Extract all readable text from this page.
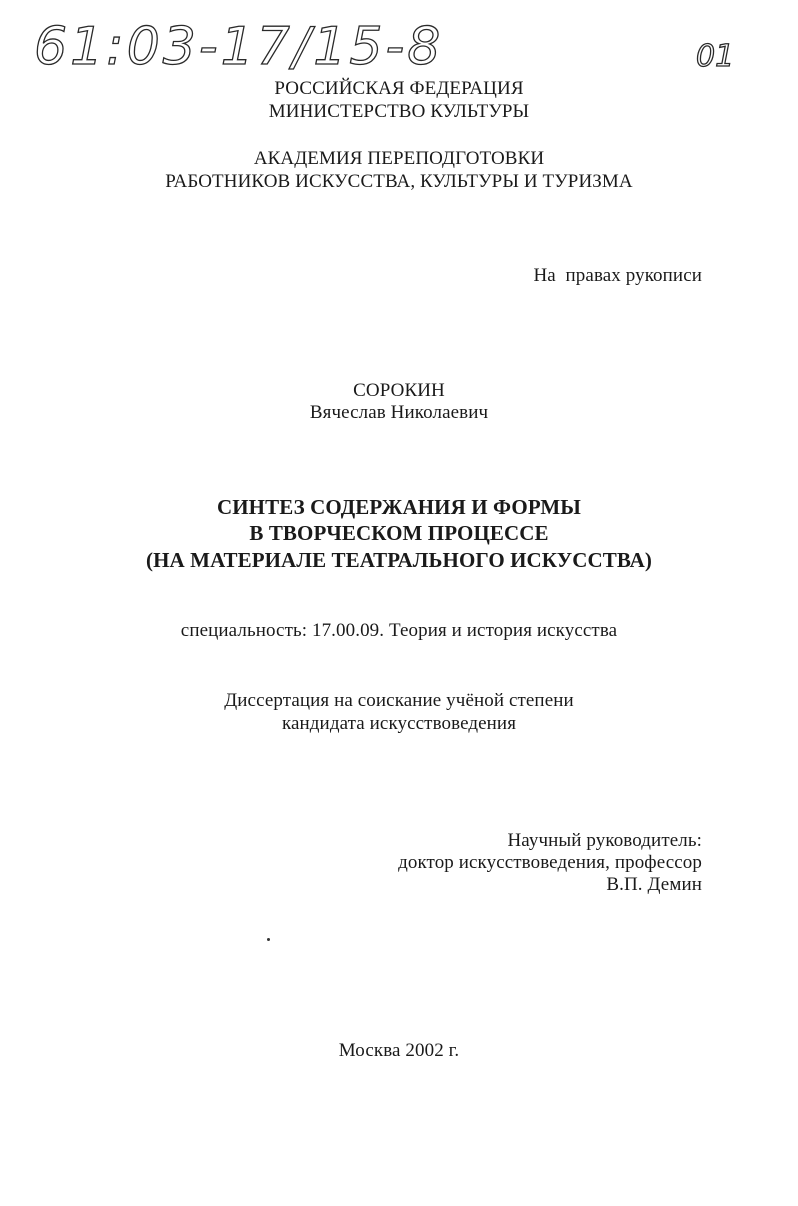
61:03-17/15-8	01
РОССИЙСКАЯ ФЕДЕРАЦИЯ
МИНИСТЕРСТВО КУЛЬТУРЫ
АКАДЕМИЯ ПЕРЕПОДГОТОВКИ
РАБОТНИКОВ ИСКУССТВА, КУЛЬТУРЫ И ТУРИЗМА
На  правах рукописи
СОРОКИН
Вячеслав Николаевич
СИНТЕЗ СОДЕРЖАНИЯ И ФОРМЫ
В ТВОРЧЕСКОМ ПРОЦЕССЕ
(НА МАТЕРИАЛЕ ТЕАТРАЛЬНОГО ИСКУССТВА)
специальность: 17.00.09. Теория и история искусства
Диссертация на соискание учёной степени
кандидата искусствоведения
Научный руководитель:
доктор искусствоведения, профессор
В.П. Демин
Москва 2002 г.
